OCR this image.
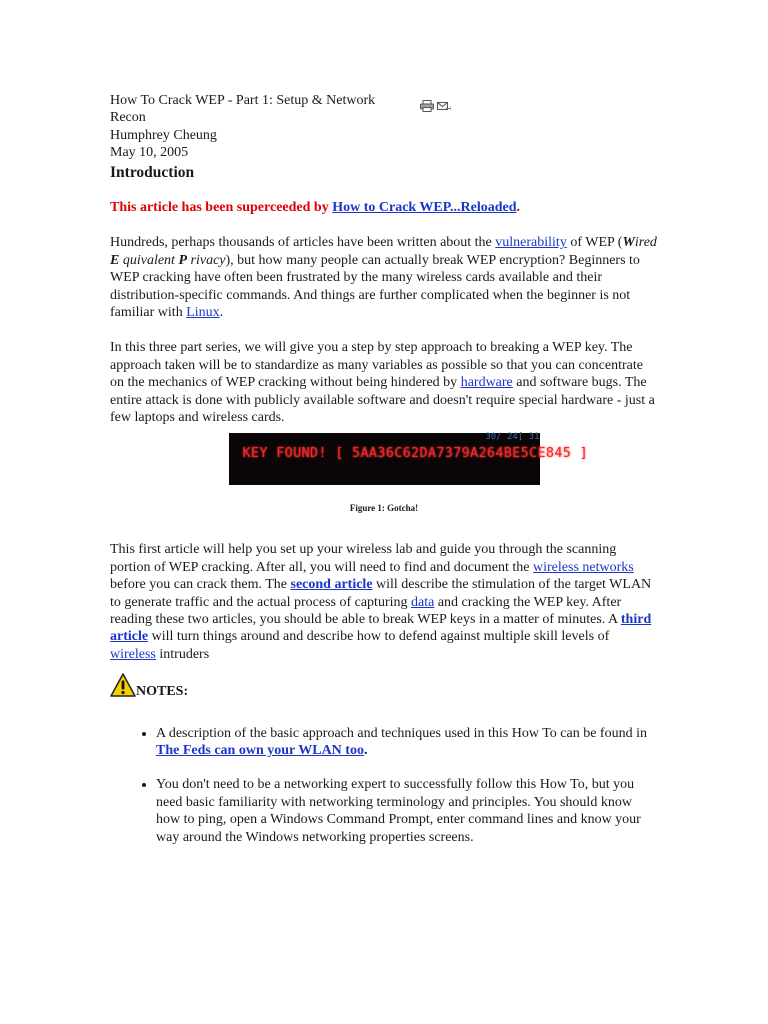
How To Crack WEP - Part 1: Setup & Network Recon
Humphrey Cheung
May 10, 2005
Introduction
This article has been superceeded by How to Crack WEP...Reloaded.

Hundreds, perhaps thousands of articles have been written about the vulnerability of WEP (Wired E quivalent P rivacy), but how many people can actually break WEP encryption? Beginners to WEP cracking have often been frustrated by the many wireless cards available and their distribution-specific commands. And things are further complicated when the beginner is not familiar with Linux.

In this three part series, we will give you a step by step approach to breaking a WEP key. The approach taken will be to standardize as many variables as possible so that you can concentrate on the mechanics of WEP cracking without being hindered by hardware and software bugs. The entire attack is done with publicly available software and doesn't require special hardware - just a few laptops and wireless cards.

30/ 24[ 31
KEY FOUND! [ 5AA36C62DA7379A264BE5CE845 ]
Figure 1: Gotcha!

This first article will help you set up your wireless lab and guide you through the scanning portion of WEP cracking. After all, you will need to find and document the wireless networks before you can crack them. The second article will describe the stimulation of the target WLAN to generate traffic and the actual process of capturing data and cracking the WEP key. After reading these two articles, you should be able to break WEP keys in a matter of minutes. A third article will turn things around and describe how to defend against multiple skill levels of wireless intruders

NOTES:
• A description of the basic approach and techniques used in this How To can be found in The Feds can own your WLAN too.
• You don't need to be a networking expert to successfully follow this How To, but you need basic familiarity with networking terminology and principles. You should know how to ping, open a Windows Command Prompt, enter command lines and know your way around the Windows networking properties screens.
